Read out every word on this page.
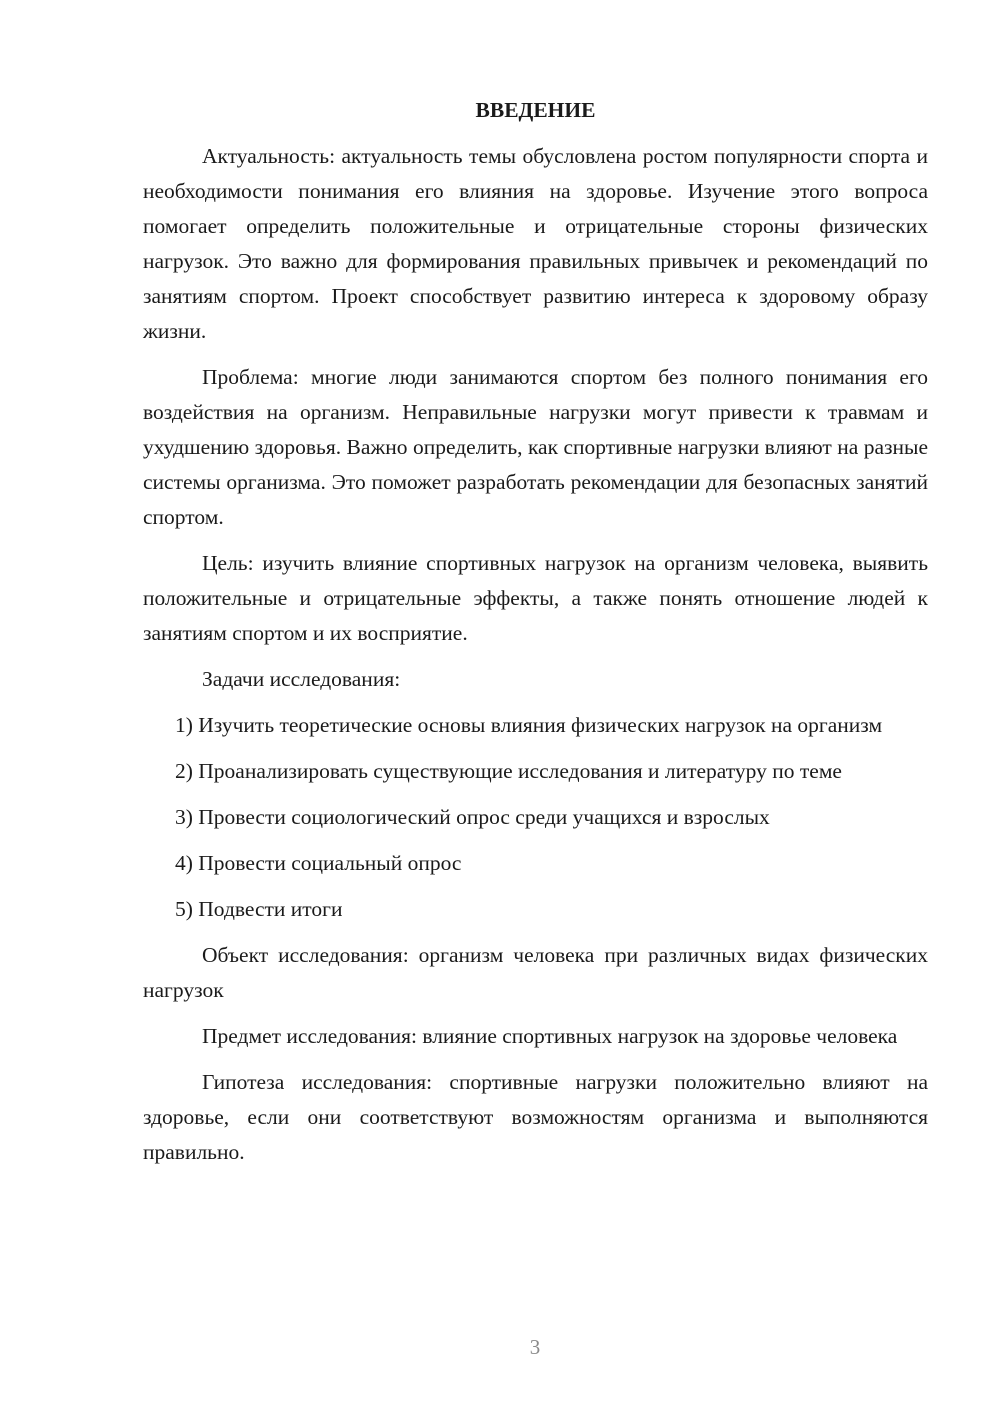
ВВЕДЕНИЕ

Актуальность: актуальность темы обусловлена ростом популярности спорта и необходимости понимания его влияния на здоровье. Изучение этого вопроса помогает определить положительные и отрицательные стороны физических нагрузок. Это важно для формирования правильных привычек и рекомендаций по занятиям спортом. Проект способствует развитию интереса к здоровому образу жизни.

Проблема: многие люди занимаются спортом без полного понимания его воздействия на организм. Неправильные нагрузки могут привести к травмам и ухудшению здоровья. Важно определить, как спортивные нагрузки влияют на разные системы организма. Это поможет разработать рекомендации для безопасных занятий спортом.

Цель: изучить влияние спортивных нагрузок на организм человека, выявить положительные и отрицательные эффекты, а также понять отношение людей к занятиям спортом и их восприятие.

Задачи исследования:

1) Изучить теоретические основы влияния физических нагрузок на организм

2) Проанализировать существующие исследования и литературу по теме

3) Провести социологический опрос среди учащихся и взрослых

4) Провести социальный опрос

5) Подвести итоги

Объект исследования: организм человека при различных видах физических нагрузок

Предмет исследования: влияние спортивных нагрузок на здоровье человека

Гипотеза исследования: спортивные нагрузки положительно влияют на здоровье, если они соответствуют возможностям организма и выполняются правильно.

3
